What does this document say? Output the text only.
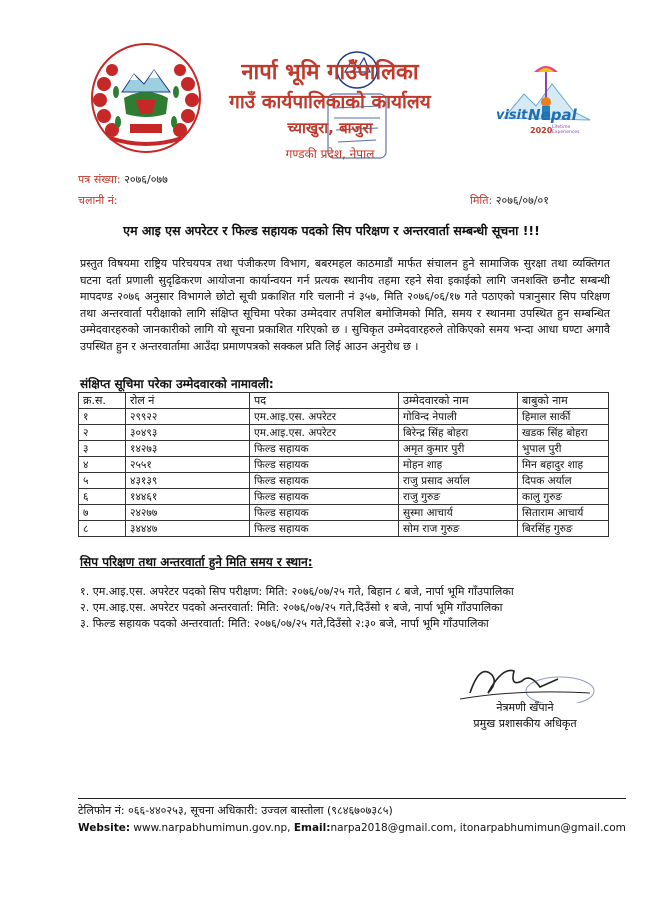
नार्पा भूमि गाउँपालिका
गाउँ कार्यपालिकाको कार्यालय
च्याखुरा, बाजुरा
गण्डकी प्रदेश, नेपाल
visit Nepal
2020 Lifetime Experiences
पत्र संख्या: २०७६/०७७
चलानी नं:	मिति: २०७६/०७/०१
एम आइ एस अपरेटर र फिल्ड सहायक पदको सिप परिक्षण र अन्तरवार्ता सम्बन्धी सूचना !!!
प्रस्तुत विषयमा राष्ट्रिय परिचयपत्र तथा पंजीकरण विभाग, बबरमहल काठमाडौं मार्फत संचालन हुने सामाजिक सुरक्षा तथा व्यक्तिगत घटना दर्ता प्रणाली सुदृढिकरण आयोजना कार्यान्वयन गर्न प्रत्यक स्थानीय तहमा रहने सेवा इकाईको लागि जनशक्ति छनौट सम्बन्धी मापदण्ड २०७६ अनुसार विभागले छोटो सूची प्रकाशित गरि चलानी नं ३५७, मिति २०७६/०६/१७ गते पठाएको पत्रानुसार सिप परिक्षण तथा अन्तरवार्ता परीक्षाको लागि संक्षिप्त सूचिमा परेका उम्मेदवार तपशिल बमोजिमको मिति, समय र स्थानमा उपस्थित हुन सम्बन्धित उम्मेदवारहरुको जानकारीको लागि यो सूचना प्रकाशित गरिएको छ । सुचिकृत उम्मेदवारहरुले तोकिएको समय भन्दा आधा घण्टा अगावै उपस्थित हुन र अन्तरवार्तामा आउँदा प्रमाणपत्रको सक्कल प्रति लिई आउन अनुरोध छ ।
संक्षिप्त सूचिमा परेका उम्मेदवारको नामावली:
क्र.स.	रोल नं	पद	उम्मेदवारको नाम	बाबुको नाम
१	२९९२२	एम.आइ.एस. अपरेटर	गोविन्द नेपाली	हिमाल सार्की
२	३०४९३	एम.आइ.एस. अपरेटर	बिरेन्द्र सिंह बोहरा	खडक सिंह बोहरा
३	१४२७३	फिल्ड सहायक	अमृत कुमार पुरी	भुपाल पुरी
४	२५५१	फिल्ड सहायक	मोहन शाह	मिन बहादुर शाह
५	४३१३९	फिल्ड सहायक	राजु प्रसाद अर्याल	दिपक अर्याल
६	१४४६१	फिल्ड सहायक	राजु गुरुङ	कालु गुरुङ
७	२४२७७	फिल्ड सहायक	सुस्मा आचार्य	सिताराम आचार्य
८	३४४४७	फिल्ड सहायक	सोम राज गुरुङ	बिरसिंह गुरुङ
सिप परिक्षण तथा अन्तरवार्ता हुने मिति समय र स्थान:
१. एम.आइ.एस. अपरेटर पदको सिप परीक्षण: मिति: २०७६/०७/२५ गते, बिहान ८ बजे, नार्पा भूमि गाँउपालिका
२. एम.आइ.एस. अपरेटर पदको अन्तरवार्ता: मिति: २०७६/०७/२५ गते,दिउँसो १ बजे, नार्पा भूमि गाँउपालिका
३. फिल्ड सहायक पदको अन्तरवार्ता: मिति: २०७६/०७/२५ गते,दिउँसो २:३० बजे, नार्पा भूमि गाँउपालिका
नेत्रमणी खँपाने
प्रमुख प्रशासकीय अधिकृत
टेलिफोन नं: ०६६-४४०२५३, सूचना अधिकारी: उज्वल बास्तोला (९८४६७०७३८५)
Website: www.narpabhumimun.gov.np, Email:narpa2018@gmail.com, itonarpabhumimun@gmail.com
